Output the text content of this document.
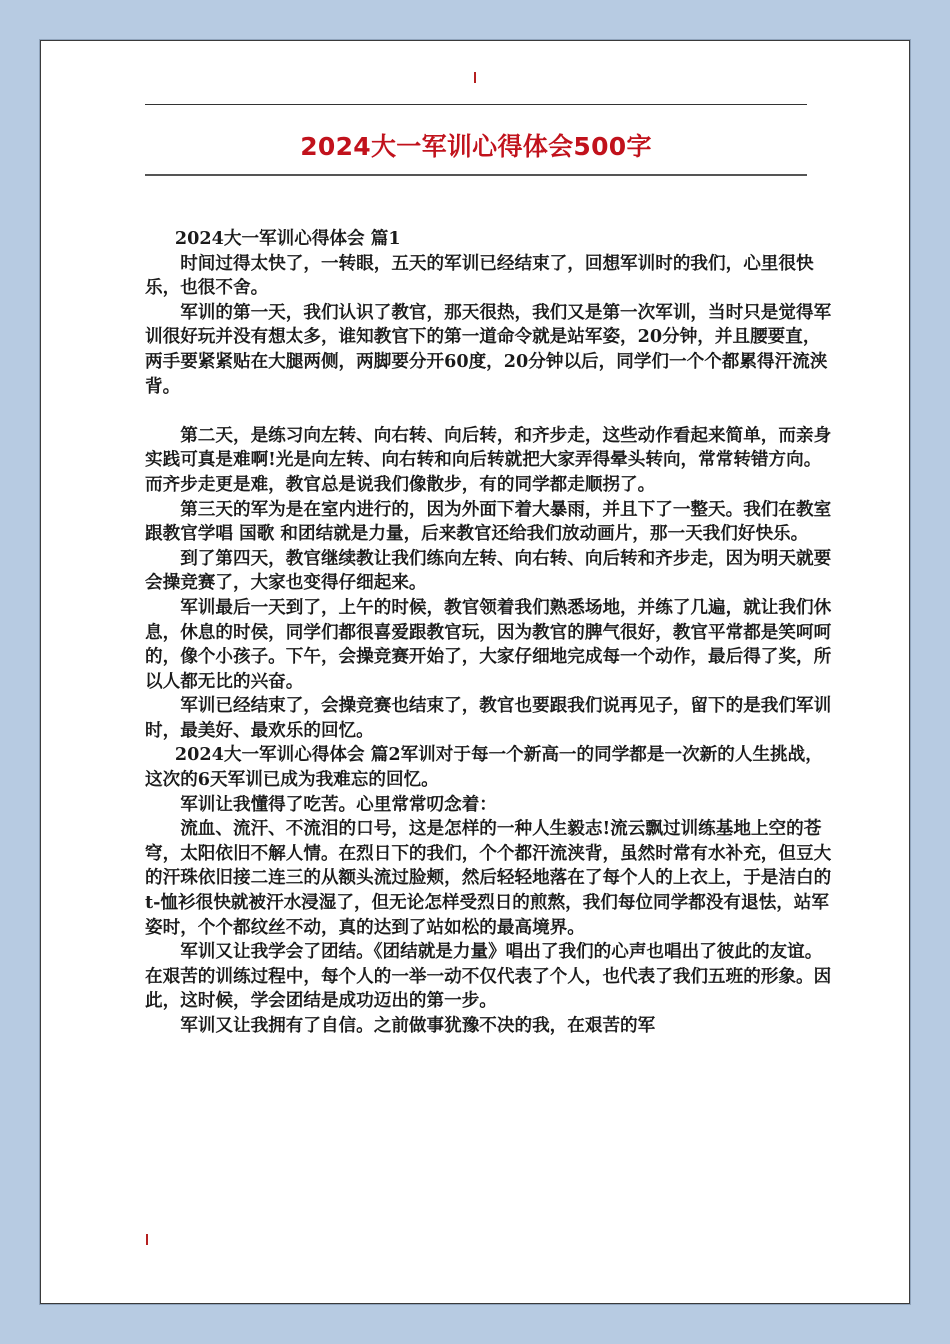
2024大一军训心得体会500字

2024大一军训心得体会 篇1

时间过得太快了，一转眼，五天的军训已经结束了，回想军训时的我们，心里很快乐，也很不舍。

军训的第一天，我们认识了教官，那天很热，我们又是第一次军训，当时只是觉得军训很好玩并没有想太多，谁知教官下的第一道命令就是站军姿，20分钟，并且腰要直，两手要紧紧贴在大腿两侧，两脚要分开60度，20分钟以后，同学们一个个都累得汗流浃背。

第二天，是练习向左转、向右转、向后转，和齐步走，这些动作看起来简单，而亲身实践可真是难啊!光是向左转、向右转和向后转就把大家弄得晕头转向，常常转错方向。而齐步走更是难，教官总是说我们像散步，有的同学都走顺拐了。

第三天的军为是在室内进行的，因为外面下着大暴雨，并且下了一整天。我们在教室跟教官学唱 国歌 和团结就是力量，后来教官还给我们放动画片，那一天我们好快乐。

到了第四天，教官继续教让我们练向左转、向右转、向后转和齐步走，因为明天就要会操竞赛了，大家也变得仔细起来。

军训最后一天到了，上午的时候，教官领着我们熟悉场地，并练了几遍，就让我们休息，休息的时侯，同学们都很喜爱跟教官玩，因为教官的脾气很好，教官平常都是笑呵呵的，像个小孩子。下午，会操竞赛开始了，大家仔细地完成每一个动作，最后得了奖，所以人都无比的兴奋。

军训已经结束了，会操竞赛也结束了，教官也要跟我们说再见子，留下的是我们军训时，最美好、最欢乐的回忆。

2024大一军训心得体会 篇2军训对于每一个新高一的同学都是一次新的人生挑战，这次的6天军训已成为我难忘的回忆。

军训让我懂得了吃苦。心里常常叨念着：

流血、流汗、不流泪的口号，这是怎样的一种人生毅志!流云飘过训练基地上空的苍穹，太阳依旧不解人情。在烈日下的我们，个个都汗流浃背，虽然时常有水补充，但豆大的汗珠依旧接二连三的从额头流过脸颊，然后轻轻地落在了每个人的上衣上，于是洁白的t-恤衫很快就被汗水浸湿了，但无论怎样受烈日的煎熬，我们每位同学都没有退怯，站军姿时，个个都纹丝不动，真的达到了站如松的最高境界。

军训又让我学会了团结。《团结就是力量》唱出了我们的心声也唱出了彼此的友谊。在艰苦的训练过程中，每个人的一举一动不仅代表了个人，也代表了我们五班的形象。因此，这时候，学会团结是成功迈出的第一步。

军训又让我拥有了自信。之前做事犹豫不决的我，在艰苦的军
